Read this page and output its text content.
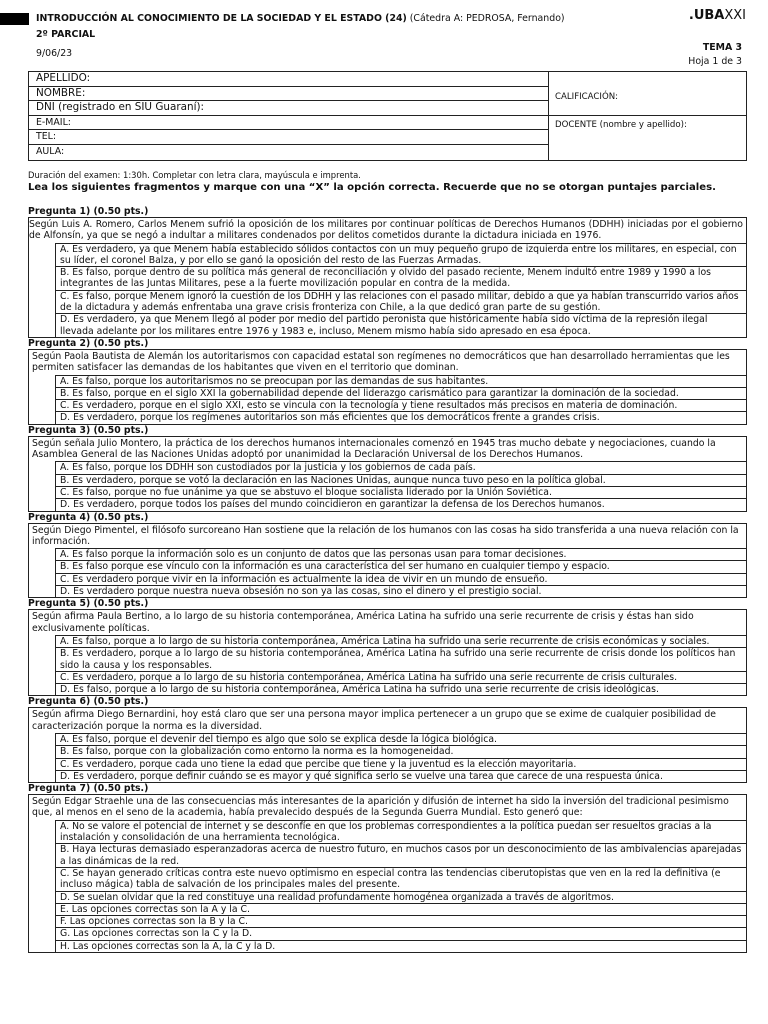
INTRODUCCIÓN AL CONOCIMIENTO DE LA SOCIEDAD Y EL ESTADO (24) (Cátedra A: PEDROSA, Fernando)
2º PARCIAL
9/06/23
.UBAXXI
TEMA 3
Hoja 1 de 3
APELLIDO:
NOMBRE:
DNI (registrado en SIU Guaraní):
E-MAIL:
TEL:
AULA:
CALIFICACIÓN:
DOCENTE (nombre y apellido):
Duración del examen: 1:30h. Completar con letra clara, mayúscula e imprenta.
Lea los siguientes fragmentos y marque con una “X” la opción correcta. Recuerde que no se otorgan puntajes parciales.
Pregunta 1) (0.50 pts.)
Según Luis A. Romero, Carlos Menem sufrió la oposición de los militares por continuar políticas de Derechos Humanos (DDHH) iniciadas por el gobierno de Alfonsín, ya que se negó a indultar a militares condenados por delitos cometidos durante la dictadura iniciada en 1976.
A. Es verdadero, ya que Menem había establecido sólidos contactos con un muy pequeño grupo de izquierda entre los militares, en especial, con su líder, el coronel Balza, y por ello se ganó la oposición del resto de las Fuerzas Armadas.
B. Es falso, porque dentro de su política más general de reconciliación y olvido del pasado reciente, Menem indultó entre 1989 y 1990 a los integrantes de las Juntas Militares, pese a la fuerte movilización popular en contra de la medida.
C. Es falso, porque Menem ignoró la cuestión de los DDHH y las relaciones con el pasado militar, debido a que ya habían transcurrido varios años de la dictadura y además enfrentaba una grave crisis fronteriza con Chile, a la que dedicó gran parte de su gestión.
D. Es verdadero, ya que Menem llegó al poder por medio del partido peronista que históricamente había sido víctima de la represión ilegal llevada adelante por los militares entre 1976 y 1983 e, incluso, Menem mismo había sido apresado en esa época.
Pregunta 2) (0.50 pts.)
Según Paola Bautista de Alemán los autoritarismos con capacidad estatal son regímenes no democráticos que han desarrollado herramientas que les permiten satisfacer las demandas de los habitantes que viven en el territorio que dominan.
A. Es falso, porque los autoritarismos no se preocupan por las demandas de sus habitantes.
B. Es falso, porque en el siglo XXI la gobernabilidad depende del liderazgo carismático para garantizar la dominación de la sociedad.
C. Es verdadero, porque en el siglo XXI, esto se vincula con la tecnología y tiene resultados más precisos en materia de dominación.
D. Es verdadero, porque los regímenes autoritarios son más eficientes que los democráticos frente a grandes crisis.
Pregunta 3) (0.50 pts.)
Según señala Julio Montero, la práctica de los derechos humanos internacionales comenzó en 1945 tras mucho debate y negociaciones, cuando la Asamblea General de las Naciones Unidas adoptó por unanimidad la Declaración Universal de los Derechos Humanos.
A. Es falso, porque los DDHH son custodiados por la justicia y los gobiernos de cada país.
B. Es verdadero, porque se votó la declaración en las Naciones Unidas, aunque nunca tuvo peso en la política global.
C. Es falso, porque no fue unánime ya que se abstuvo el bloque socialista liderado por la Unión Soviética.
D. Es verdadero, porque todos los países del mundo coincidieron en garantizar la defensa de los Derechos humanos.
Pregunta 4) (0.50 pts.)
Según Diego Pimentel, el filósofo surcoreano Han sostiene que la relación de los humanos con las cosas ha sido transferida a una nueva relación con la información.
A. Es falso porque la información solo es un conjunto de datos que las personas usan para tomar decisiones.
B. Es falso porque ese vínculo con la información es una característica del ser humano en cualquier tiempo y espacio.
C. Es verdadero porque vivir en la información es actualmente la idea de vivir en un mundo de ensueño.
D. Es verdadero porque nuestra nueva obsesión no son ya las cosas, sino el dinero y el prestigio social.
Pregunta 5) (0.50 pts.)
Según afirma Paula Bertino, a lo largo de su historia contemporánea, América Latina ha sufrido una serie recurrente de crisis y éstas han sido exclusivamente políticas.
A. Es falso, porque a lo largo de su historia contemporánea, América Latina ha sufrido una serie recurrente de crisis económicas y sociales.
B. Es verdadero, porque a lo largo de su historia contemporánea, América Latina ha sufrido una serie recurrente de crisis donde los políticos han sido la causa y los responsables.
C. Es verdadero, porque a lo largo de su historia contemporánea, América Latina ha sufrido una serie recurrente de crisis culturales.
D. Es falso, porque a lo largo de su historia contemporánea, América Latina ha sufrido una serie recurrente de crisis ideológicas.
Pregunta 6) (0.50 pts.)
Según afirma Diego Bernardini, hoy está claro que ser una persona mayor implica pertenecer a un grupo que se exime de cualquier posibilidad de caracterización porque la norma es la diversidad.
A. Es falso, porque el devenir del tiempo es algo que solo se explica desde la lógica biológica.
B. Es falso, porque con la globalización como entorno la norma es la homogeneidad.
C. Es verdadero, porque cada uno tiene la edad que percibe que tiene y la juventud es la elección mayoritaria.
D. Es verdadero, porque definir cuándo se es mayor y qué significa serlo se vuelve una tarea que carece de una respuesta única.
Pregunta 7) (0.50 pts.)
Según Edgar Straehle una de las consecuencias más interesantes de la aparición y difusión de internet ha sido la inversión del tradicional pesimismo que, al menos en el seno de la academia, había prevalecido después de la Segunda Guerra Mundial. Esto generó que:
A. No se valore el potencial de internet y se desconfíe en que los problemas correspondientes a la política puedan ser resueltos gracias a la instalación y consolidación de una herramienta tecnológica.
B. Haya lecturas demasiado esperanzadoras acerca de nuestro futuro, en muchos casos por un desconocimiento de las ambivalencias aparejadas a las dinámicas de la red.
C. Se hayan generado críticas contra este nuevo optimismo en especial contra las tendencias ciberutopistas que ven en la red la definitiva (e incluso mágica) tabla de salvación de los principales males del presente.
D. Se suelan olvidar que la red constituye una realidad profundamente homogénea organizada a través de algoritmos.
E. Las opciones correctas son la A y la C.
F. Las opciones correctas son la B y la C.
G. Las opciones correctas son la C y la D.
H. Las opciones correctas son la A, la C y la D.
